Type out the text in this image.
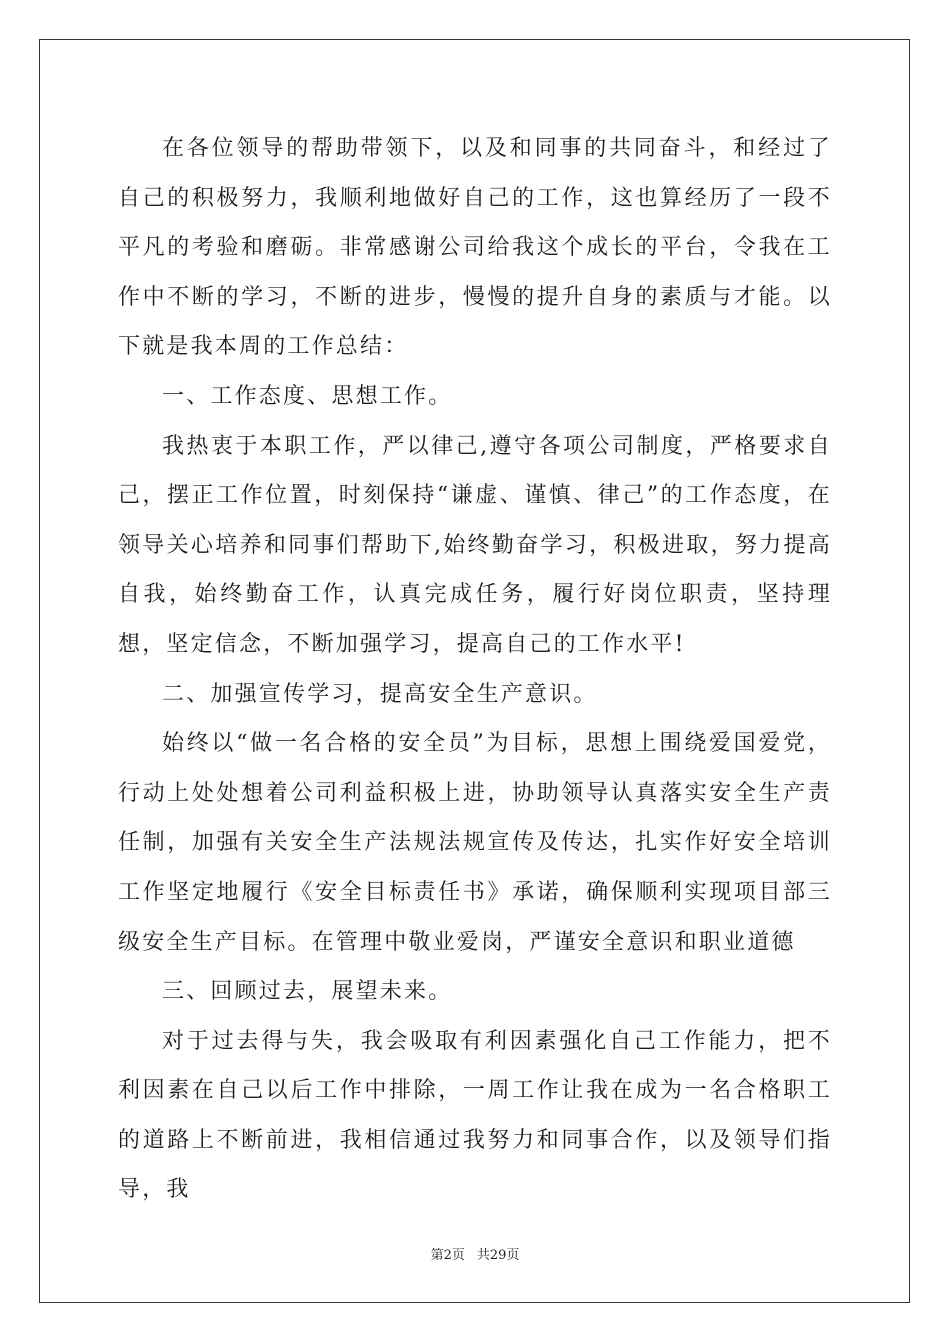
在各位领导的帮助带领下，以及和同事的共同奋斗，和经过了自己的积极努力，我顺利地做好自己的工作，这也算经历了一段不平凡的考验和磨砺。非常感谢公司给我这个成长的平台，令我在工作中不断的学习，不断的进步，慢慢的提升自身的素质与才能。以下就是我本周的工作总结：

一、工作态度、思想工作。

我热衷于本职工作，严以律己,遵守各项公司制度，严格要求自己，摆正工作位置，时刻保持“谦虚、谨慎、律己”的工作态度，在领导关心培养和同事们帮助下,始终勤奋学习，积极进取，努力提高自我，始终勤奋工作，认真完成任务，履行好岗位职责，坚持理想，坚定信念，不断加强学习，提高自己的工作水平!

二、加强宣传学习，提高安全生产意识。

始终以“做一名合格的安全员”为目标，思想上围绕爱国爱党，行动上处处想着公司利益积极上进，协助领导认真落实安全生产责任制，加强有关安全生产法规法规宣传及传达，扎实作好安全培训工作坚定地履行《安全目标责任书》承诺，确保顺利实现项目部三级安全生产目标。在管理中敬业爱岗，严谨安全意识和职业道德

三、回顾过去，展望未来。

对于过去得与失，我会吸取有利因素强化自己工作能力，把不利因素在自己以后工作中排除，一周工作让我在成为一名合格职工的道路上不断前进，我相信通过我努力和同事合作，以及领导们指导，我

第2页 共29页
